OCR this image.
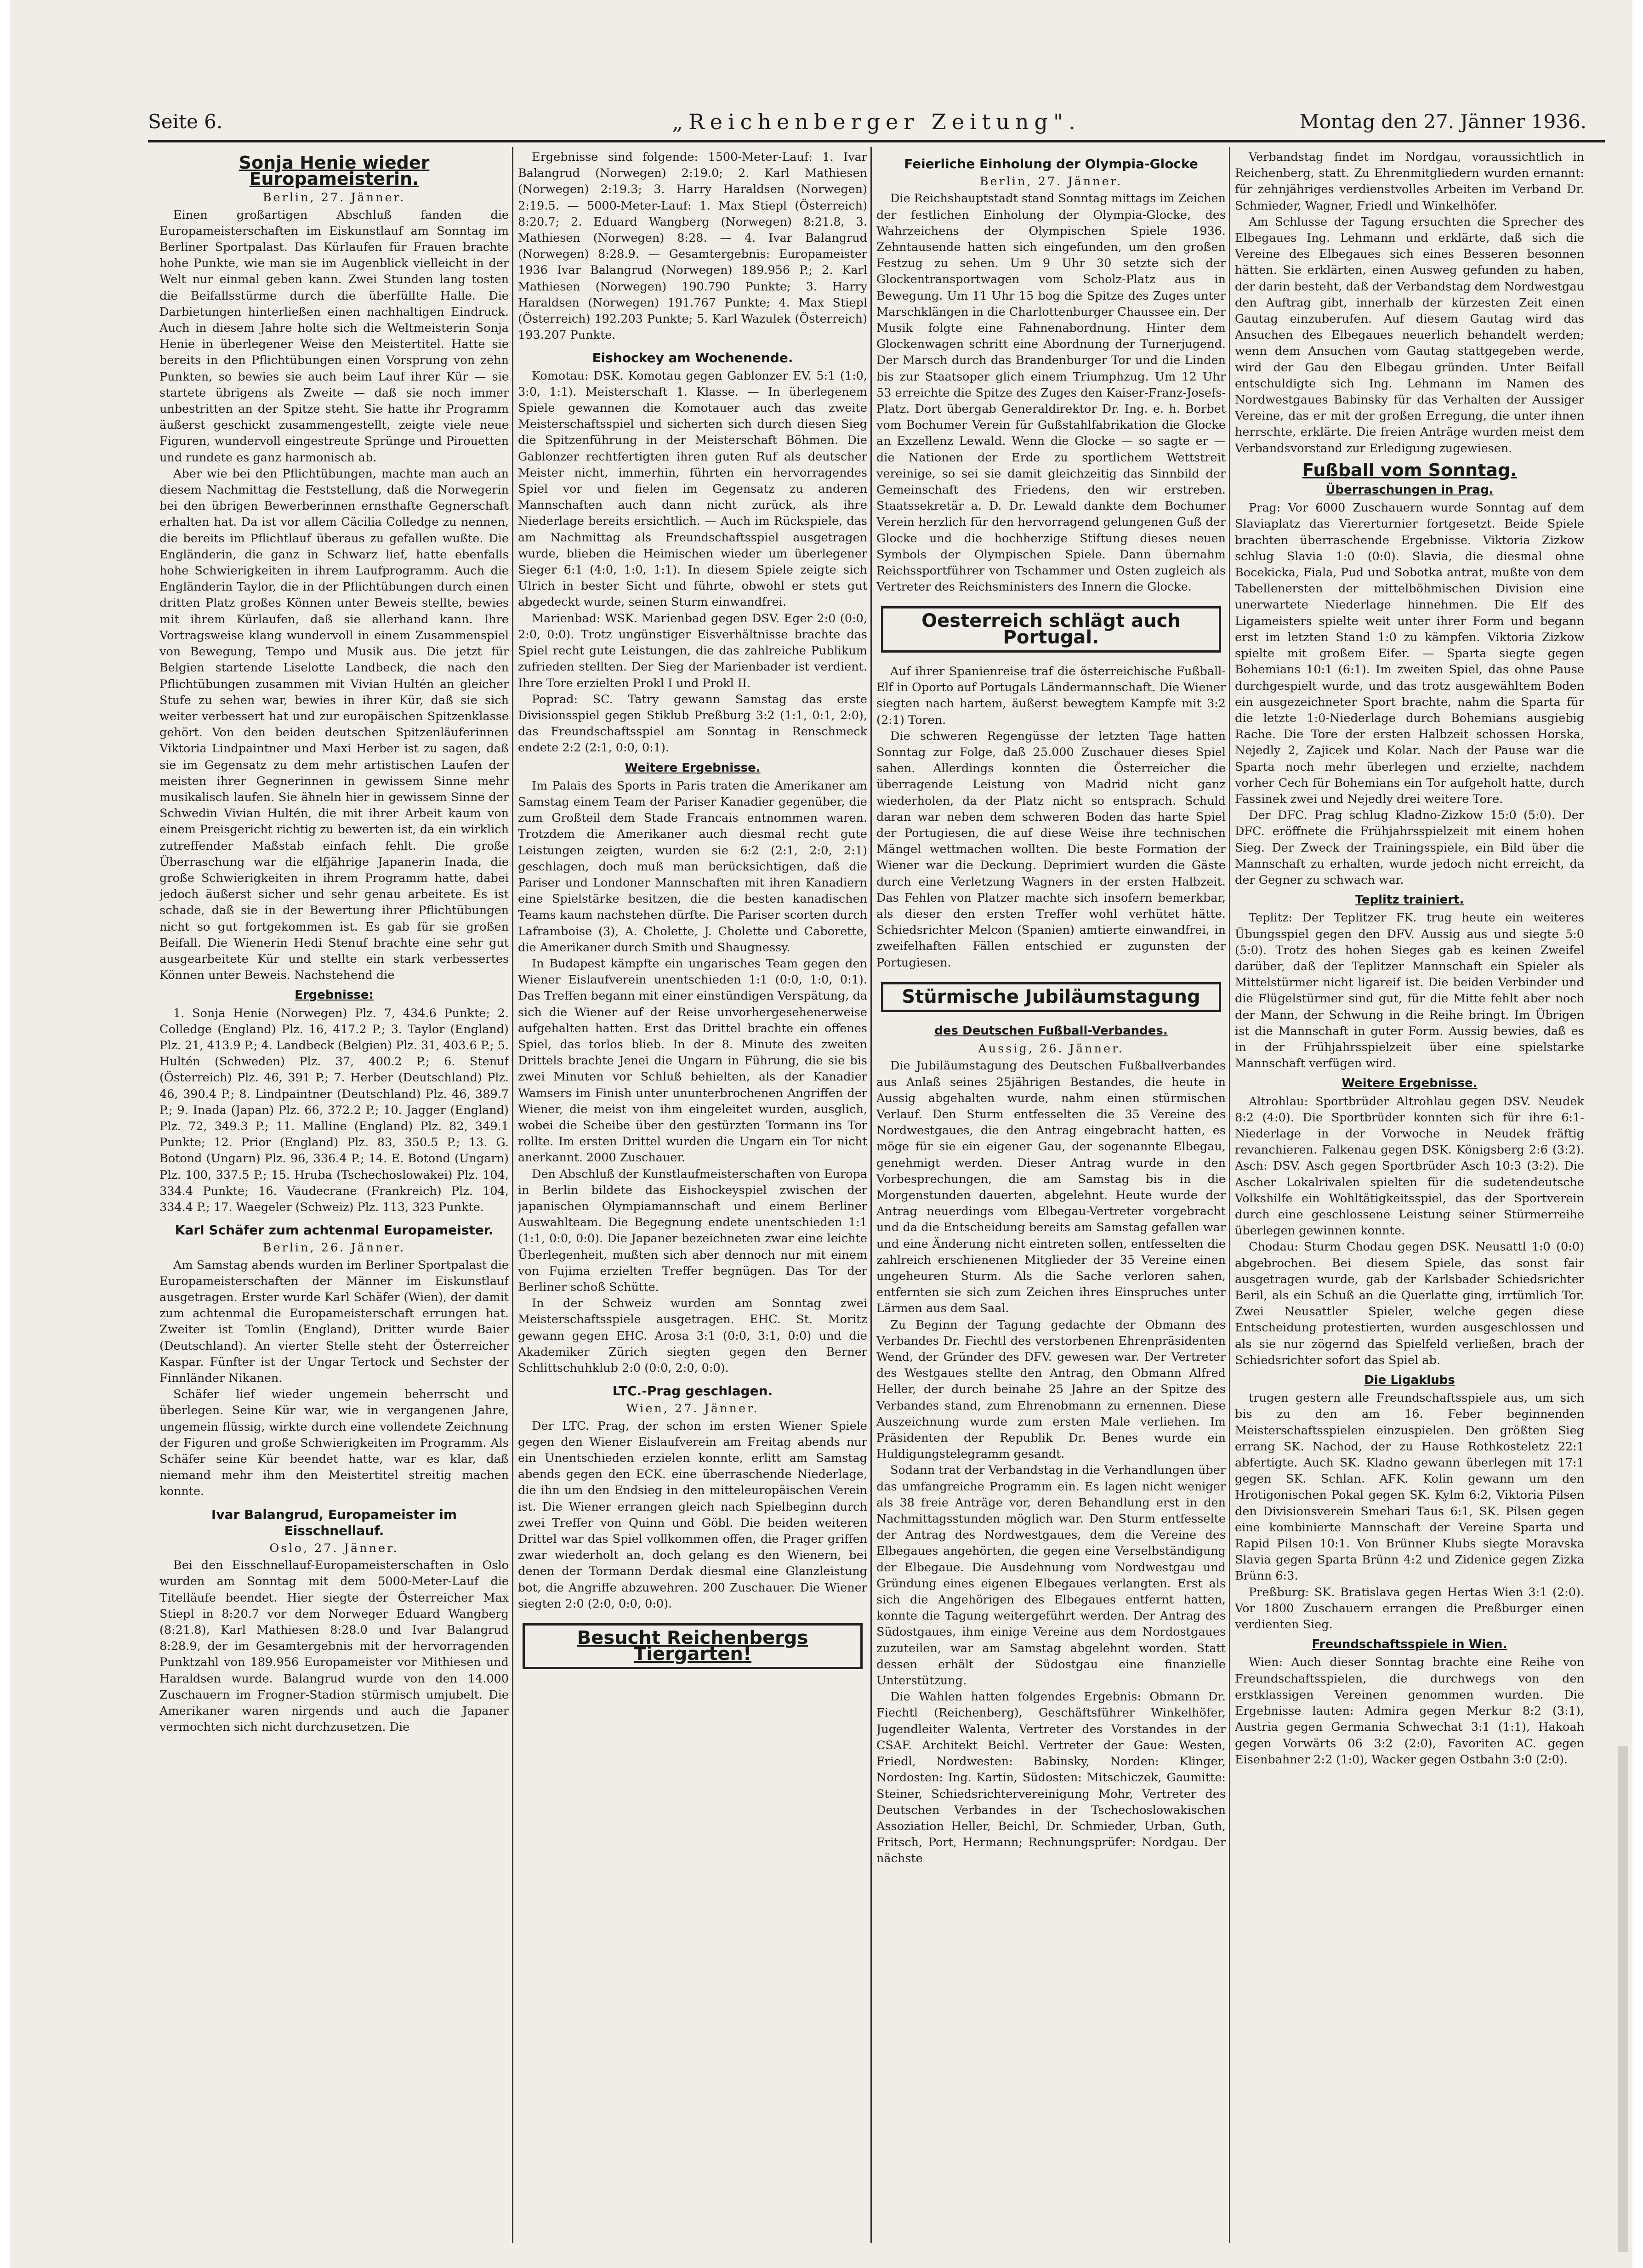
Seite 6.	„Reichenberger Zeitung".	Montag den 27. Jänner 1936.
Sonja Henie wieder Europameisterin.
Berlin, 27. Jänner.

Einen großartigen Abschluß fanden die Europameisterschaften im Eiskunstlauf am Sonntag im Berliner Sportpalast. Das Kürlaufen für Frauen brachte hohe Punkte, wie man sie im Augenblick vielleicht in der Welt nur einmal geben kann. Zwei Stunden lang tosten die Beifallsstürme durch die überfüllte Halle. Die Darbietungen hinterließen einen nachhaltigen Eindruck. Auch in diesem Jahre holte sich die Weltmeisterin Sonja Henie in überlegener Weise den Meistertitel. Hatte sie bereits in den Pflichtübungen einen Vorsprung von zehn Punkten, so bewies sie auch beim Lauf ihrer Kür — sie startete übrigens als Zweite — daß sie noch immer unbestritten an der Spitze steht. Sie hatte ihr Programm äußerst geschickt zusammengestellt, zeigte viele neue Figuren, wundervoll eingestreute Sprünge und Pirouetten und rundete es ganz harmonisch ab.

Aber wie bei den Pflichtübungen, machte man auch an diesem Nachmittag die Feststellung, daß die Norwegerin bei den übrigen Bewerberinnen ernsthafte Gegnerschaft erhalten hat. Da ist vor allem Cäcilia Colledge zu nennen, die bereits im Pflichtlauf überaus zu gefallen wußte. Die Engländerin, die ganz in Schwarz lief, hatte ebenfalls hohe Schwierigkeiten in ihrem Laufprogramm. Auch die Engländerin Taylor, die in der Pflichtübungen durch einen dritten Platz großes Können unter Beweis stellte, bewies mit ihrem Kürlaufen, daß sie allerhand kann. Ihre Vortragsweise klang wundervoll in einem Zusammenspiel von Bewegung, Tempo und Musik aus. Die jetzt für Belgien startende Liselotte Landbeck, die nach den Pflichtübungen zusammen mit Vivian Hultén an gleicher Stufe zu sehen war, bewies in ihrer Kür, daß sie sich weiter verbessert hat und zur europäischen Spitzenklasse gehört. Von den beiden deutschen Spitzenläuferinnen Viktoria Lindpaintner und Maxi Herber ist zu sagen, daß sie im Gegensatz zu dem mehr artistischen Laufen der meisten ihrer Gegnerinnen in gewissem Sinne mehr musikalisch laufen. Sie ähneln hier in gewissem Sinne der Schwedin Vivian Hultén, die mit ihrer Arbeit kaum von einem Preisgericht richtig zu bewerten ist, da ein wirklich zutreffender Maßstab einfach fehlt. Die große Überraschung war die elfjährige Japanerin Inada, die große Schwierigkeiten in ihrem Programm hatte, dabei jedoch äußerst sicher und sehr genau arbeitete. Es ist schade, daß sie in der Bewertung ihrer Pflichtübungen nicht so gut fortgekommen ist. Es gab für sie großen Beifall. Die Wienerin Hedi Stenuf brachte eine sehr gut ausgearbeitete Kür und stellte ein stark verbessertes Können unter Beweis. Nachstehend die

Ergebnisse:

1. Sonja Henie (Norwegen) Plz. 7, 434.6 Punkte; 2. Colledge (England) Plz. 16, 417.2 P.; 3. Taylor (England) Plz. 21, 413.9 P.; 4. Landbeck (Belgien) Plz. 31, 403.6 P.; 5. Hultén (Schweden) Plz. 37, 400.2 P.; 6. Stenuf (Österreich) Plz. 46, 391 P.; 7. Herber (Deutschland) Plz. 46, 390.4 P.; 8. Lindpaintner (Deutschland) Plz. 46, 389.7 P.; 9. Inada (Japan) Plz. 66, 372.2 P.; 10. Jagger (England) Plz. 72, 349.3 P.; 11. Malline (England) Plz. 82, 349.1 Punkte; 12. Prior (England) Plz. 83, 350.5 P.; 13. G. Botond (Ungarn) Plz. 96, 336.4 P.; 14. E. Botond (Ungarn) Plz. 100, 337.5 P.; 15. Hruba (Tschechoslowakei) Plz. 104, 334.4 Punkte; 16. Vaudecrane (Frankreich) Plz. 104, 334.4 P.; 17. Waegeler (Schweiz) Plz. 113, 323 Punkte.

Karl Schäfer zum achtenmal Europameister.
Berlin, 26. Jänner.

Am Samstag abends wurden im Berliner Sportpalast die Europameisterschaften der Männer im Eiskunstlauf ausgetragen. Erster wurde Karl Schäfer (Wien), der damit zum achtenmal die Europameisterschaft errungen hat. Zweiter ist Tomlin (England), Dritter wurde Baier (Deutschland). An vierter Stelle steht der Österreicher Kaspar. Fünfter ist der Ungar Tertock und Sechster der Finnländer Nikanen.

Schäfer lief wieder ungemein beherrscht und überlegen. Seine Kür war, wie in vergangenen Jahre, ungemein flüssig, wirkte durch eine vollendete Zeichnung der Figuren und große Schwierigkeiten im Programm. Als Schäfer seine Kür beendet hatte, war es klar, daß niemand mehr ihm den Meistertitel streitig machen konnte.

Ivar Balangrud, Europameister im Eisschnellauf.
Oslo, 27. Jänner.

Bei den Eisschnellauf-Europameisterschaften in Oslo wurden am Sonntag mit dem 5000-Meter-Lauf die Titelläufe beendet. Hier siegte der Österreicher Max Stiepl in 8:20.7 vor dem Norweger Eduard Wangberg (8:21.8), Karl Mathiesen 8:28.0 und Ivar Balangrud 8:28.9, der im Gesamtergebnis mit der hervorragenden Punktzahl von 189.956 Europameister vor Mithiesen und Haraldsen wurde. Balangrud wurde von den 14.000 Zuschauern im Frogner-Stadion stürmisch umjubelt. Die Amerikaner waren nirgends und auch die Japaner vermochten sich nicht durchzusetzen. Die

Ergebnisse sind folgende: 1500-Meter-Lauf: 1. Ivar Balangrud (Norwegen) 2:19.0; 2. Karl Mathiesen (Norwegen) 2:19.3; 3. Harry Haraldsen (Norwegen) 2:19.5. — 5000-Meter-Lauf: 1. Max Stiepl (Österreich) 8:20.7; 2. Eduard Wangberg (Norwegen) 8:21.8, 3. Mathiesen (Norwegen) 8:28. — 4. Ivar Balangrud (Norwegen) 8:28.9. — Gesamtergebnis: Europameister 1936 Ivar Balangrud (Norwegen) 189.956 P.; 2. Karl Mathiesen (Norwegen) 190.790 Punkte; 3. Harry Haraldsen (Norwegen) 191.767 Punkte; 4. Max Stiepl (Österreich) 192.203 Punkte; 5. Karl Wazulek (Österreich) 193.207 Punkte.

Eishockey am Wochenende.

Komotau: DSK. Komotau gegen Gablonzer EV. 5:1 (1:0, 3:0, 1:1). Meisterschaft 1. Klasse. — In überlegenem Spiele gewannen die Komotauer auch das zweite Meisterschaftsspiel und sicherten sich durch diesen Sieg die Spitzenführung in der Meisterschaft Böhmen. Die Gablonzer rechtfertigten ihren guten Ruf als deutscher Meister nicht, immerhin, führten ein hervorragendes Spiel vor und fielen im Gegensatz zu anderen Mannschaften auch dann nicht zurück, als ihre Niederlage bereits ersichtlich. — Auch im Rückspiele, das am Nachmittag als Freundschaftsspiel ausgetragen wurde, blieben die Heimischen wieder um überlegener Sieger 6:1 (4:0, 1:0, 1:1). In diesem Spiele zeigte sich Ulrich in bester Sicht und führte, obwohl er stets gut abgedeckt wurde, seinen Sturm einwandfrei.

Marienbad: WSK. Marienbad gegen DSV. Eger 2:0 (0:0, 2:0, 0:0). Trotz ungünstiger Eisverhältnisse brachte das Spiel recht gute Leistungen, die das zahlreiche Publikum zufrieden stellten. Der Sieg der Marienbader ist verdient. Ihre Tore erzielten Prokl I und Prokl II.

Poprad: SC. Tatry gewann Samstag das erste Divisionsspiel gegen Stiklub Preßburg 3:2 (1:1, 0:1, 2:0), das Freundschaftsspiel am Sonntag in Renschmeck endete 2:2 (2:1, 0:0, 0:1).

Weitere Ergebnisse.

Im Palais des Sports in Paris traten die Amerikaner am Samstag einem Team der Pariser Kanadier gegenüber, die zum Großteil dem Stade Francais entnommen waren. Trotzdem die Amerikaner auch diesmal recht gute Leistungen zeigten, wurden sie 6:2 (2:1, 2:0, 2:1) geschlagen, doch muß man berücksichtigen, daß die Pariser und Londoner Mannschaften mit ihren Kanadiern eine Spielstärke besitzen, die die besten kanadischen Teams kaum nachstehen dürfte. Die Pariser scorten durch Laframboise (3), A. Cholette, J. Cholette und Caborette, die Amerikaner durch Smith und Shaugnessy.

In Budapest kämpfte ein ungarisches Team gegen den Wiener Eislaufverein unentschieden 1:1 (0:0, 1:0, 0:1). Das Treffen begann mit einer einstündigen Verspätung, da sich die Wiener auf der Reise unvorhergesehenerweise aufgehalten hatten. Erst das Drittel brachte ein offenes Spiel, das torlos blieb. In der 8. Minute des zweiten Drittels brachte Jenei die Ungarn in Führung, die sie bis zwei Minuten vor Schluß behielten, als der Kanadier Wamsers im Finish unter ununterbrochenen Angriffen der Wiener, die meist von ihm eingeleitet wurden, ausglich, wobei die Scheibe über den gestürzten Tormann ins Tor rollte. Im ersten Drittel wurden die Ungarn ein Tor nicht anerkannt. 2000 Zuschauer.

Den Abschluß der Kunstlaufmeisterschaften von Europa in Berlin bildete das Eishockeyspiel zwischen der japanischen Olympiamannschaft und einem Berliner Auswahlteam. Die Begegnung endete unentschieden 1:1 (1:1, 0:0, 0:0). Die Japaner bezeichneten zwar eine leichte Überlegenheit, mußten sich aber dennoch nur mit einem von Fujima erzielten Treffer begnügen. Das Tor der Berliner schoß Schütte.

In der Schweiz wurden am Sonntag zwei Meisterschaftsspiele ausgetragen. EHC. St. Moritz gewann gegen EHC. Arosa 3:1 (0:0, 3:1, 0:0) und die Akademiker Zürich siegten gegen den Berner Schlittschuhklub 2:0 (0:0, 2:0, 0:0).

LTC.-Prag geschlagen.
Wien, 27. Jänner.

Der LTC. Prag, der schon im ersten Wiener Spiele gegen den Wiener Eislaufverein am Freitag abends nur ein Unentschieden erzielen konnte, erlitt am Samstag abends gegen den ECK. eine überraschende Niederlage, die ihn um den Endsieg in den mitteleuropäischen Verein ist. Die Wiener errangen gleich nach Spielbeginn durch zwei Treffer von Quinn und Göbl. Die beiden weiteren Drittel war das Spiel vollkommen offen, die Prager griffen zwar wiederholt an, doch gelang es den Wienern, bei denen der Tormann Derdak diesmal eine Glanzleistung bot, die Angriffe abzuwehren. 200 Zuschauer. Die Wiener siegten 2:0 (2:0, 0:0, 0:0).

Besucht Reichenbergs Tiergarten!
Feierliche Einholung der Olympia-Glocke
Berlin, 27. Jänner.

Die Reichshauptstadt stand Sonntag mittags im Zeichen der festlichen Einholung der Olympia-Glocke, des Wahrzeichens der Olympischen Spiele 1936. Zehntausende hatten sich eingefunden, um den großen Festzug zu sehen. Um 9 Uhr 30 setzte sich der Glockentransportwagen vom Scholz-Platz aus in Bewegung. Um 11 Uhr 15 bog die Spitze des Zuges unter Marschklängen in die Charlottenburger Chaussee ein. Der Musik folgte eine Fahnenabordnung. Hinter dem Glockenwagen schritt eine Abordnung der Turnerjugend. Der Marsch durch das Brandenburger Tor und die Linden bis zur Staatsoper glich einem Triumphzug. Um 12 Uhr 53 erreichte die Spitze des Zuges den Kaiser-Franz-Josefs-Platz. Dort übergab Generaldirektor Dr. Ing. e. h. Borbet vom Bochumer Verein für Gußstahlfabrikation die Glocke an Exzellenz Lewald. Wenn die Glocke — so sagte er — die Nationen der Erde zu sportlichem Wettstreit vereinige, so sei sie damit gleichzeitig das Sinnbild der Gemeinschaft des Friedens, den wir erstreben. Staatssekretär a. D. Dr. Lewald dankte dem Bochumer Verein herzlich für den hervorragend gelungenen Guß der Glocke und die hochherzige Stiftung dieses neuen Symbols der Olympischen Spiele. Dann übernahm Reichssportführer von Tschammer und Osten zugleich als Vertreter des Reichsministers des Innern die Glocke.

Oesterreich schlägt auch Portugal.

Auf ihrer Spanienreise traf die österreichische Fußball-Elf in Oporto auf Portugals Ländermannschaft. Die Wiener siegten nach hartem, äußerst bewegtem Kampfe mit 3:2 (2:1) Toren.

Die schweren Regengüsse der letzten Tage hatten Sonntag zur Folge, daß 25.000 Zuschauer dieses Spiel sahen. Allerdings konnten die Österreicher die überragende Leistung von Madrid nicht ganz wiederholen, da der Platz nicht so entsprach. Schuld daran war neben dem schweren Boden das harte Spiel der Portugiesen, die auf diese Weise ihre technischen Mängel wettmachen wollten. Die beste Formation der Wiener war die Deckung. Deprimiert wurden die Gäste durch eine Verletzung Wagners in der ersten Halbzeit. Das Fehlen von Platzer machte sich insofern bemerkbar, als dieser den ersten Treffer wohl verhütet hätte. Schiedsrichter Melcon (Spanien) amtierte einwandfrei, in zweifelhaften Fällen entschied er zugunsten der Portugiesen.

Stürmische Jubiläumstagung
des Deutschen Fußball-Verbandes.
Aussig, 26. Jänner.

Die Jubiläumstagung des Deutschen Fußballverbandes aus Anlaß seines 25jährigen Bestandes, die heute in Aussig abgehalten wurde, nahm einen stürmischen Verlauf. Den Sturm entfesselten die 35 Vereine des Nordwestgaues, die den Antrag eingebracht hatten, es möge für sie ein eigener Gau, der sogenannte Elbegau, genehmigt werden. Dieser Antrag wurde in den Vorbesprechungen, die am Samstag bis in die Morgenstunden dauerten, abgelehnt. Heute wurde der Antrag neuerdings vom Elbegau-Vertreter vorgebracht und da die Entscheidung bereits am Samstag gefallen war und eine Änderung nicht eintreten sollen, entfesselten die zahlreich erschienenen Mitglieder der 35 Vereine einen ungeheuren Sturm. Als die Sache verloren sahen, entfernten sie sich zum Zeichen ihres Einspruches unter Lärmen aus dem Saal.

Zu Beginn der Tagung gedachte der Obmann des Verbandes Dr. Fiechtl des verstorbenen Ehrenpräsidenten Wend, der Gründer des DFV. gewesen war. Der Vertreter des Westgaues stellte den Antrag, den Obmann Alfred Heller, der durch beinahe 25 Jahre an der Spitze des Verbandes stand, zum Ehrenobmann zu ernennen. Diese Auszeichnung wurde zum ersten Male verliehen. Im Präsidenten der Republik Dr. Benes wurde ein Huldigungstelegramm gesandt.

Sodann trat der Verbandstag in die Verhandlungen über das umfangreiche Programm ein. Es lagen nicht weniger als 38 freie Anträge vor, deren Behandlung erst in den Nachmittagsstunden möglich war. Den Sturm entfesselte der Antrag des Nordwestgaues, dem die Vereine des Elbegaues angehörten, die gegen eine Verselbständigung der Elbegaue. Die Ausdehnung vom Nordwestgau und Gründung eines eigenen Elbegaues verlangten. Erst als sich die Angehörigen des Elbegaues entfernt hatten, konnte die Tagung weitergeführt werden. Der Antrag des Südostgaues, ihm einige Vereine aus dem Nordostgaues zuzuteilen, war am Samstag abgelehnt worden. Statt dessen erhält der Südostgau eine finanzielle Unterstützung.

Die Wahlen hatten folgendes Ergebnis: Obmann Dr. Fiechtl (Reichenberg), Geschäftsführer Winkelhöfer, Jugendleiter Walenta, Vertreter des Vorstandes in der CSAF. Architekt Beichl. Vertreter der Gaue: Westen, Friedl, Nordwesten: Babinsky, Norden: Klinger, Nordosten: Ing. Kartin, Südosten: Mitschiczek, Gaumitte: Steiner, Schiedsrichtervereinigung Mohr, Vertreter des Deutschen Verbandes in der Tschechoslowakischen Assoziation Heller, Beichl, Dr. Schmieder, Urban, Guth, Fritsch, Port, Hermann; Rechnungsprüfer: Nordgau. Der nächste

Verbandstag findet im Nordgau, voraussichtlich in Reichenberg, statt. Zu Ehrenmitgliedern wurden ernannt: für zehnjähriges verdienstvolles Arbeiten im Verband Dr. Schmieder, Wagner, Friedl und Winkelhöfer.

Am Schlusse der Tagung ersuchten die Sprecher des Elbegaues Ing. Lehmann und erklärte, daß sich die Vereine des Elbegaues sich eines Besseren besonnen hätten. Sie erklärten, einen Ausweg gefunden zu haben, der darin besteht, daß der Verbandstag dem Nordwestgau den Auftrag gibt, innerhalb der kürzesten Zeit einen Gautag einzuberufen. Auf diesem Gautag wird das Ansuchen des Elbegaues neuerlich behandelt werden; wenn dem Ansuchen vom Gautag stattgegeben werde, wird der Gau den Elbegau gründen. Unter Beifall entschuldigte sich Ing. Lehmann im Namen des Nordwestgaues Babinsky für das Verhalten der Aussiger Vereine, das er mit der großen Erregung, die unter ihnen herrschte, erklärte. Die freien Anträge wurden meist dem Verbandsvorstand zur Erledigung zugewiesen.

Fußball vom Sonntag.
Überraschungen in Prag.

Prag: Vor 6000 Zuschauern wurde Sonntag auf dem Slaviaplatz das Viererturnier fortgesetzt. Beide Spiele brachten überraschende Ergebnisse. Viktoria Zizkow schlug Slavia 1:0 (0:0). Slavia, die diesmal ohne Bocekicka, Fiala, Pud und Sobotka antrat, mußte von dem Tabellenersten der mittelböhmischen Division eine unerwartete Niederlage hinnehmen. Die Elf des Ligameisters spielte weit unter ihrer Form und begann erst im letzten Stand 1:0 zu kämpfen. Viktoria Zizkow spielte mit großem Eifer. — Sparta siegte gegen Bohemians 10:1 (6:1). Im zweiten Spiel, das ohne Pause durchgespielt wurde, und das trotz ausgewähltem Boden ein ausgezeichneter Sport brachte, nahm die Sparta für die letzte 1:0-Niederlage durch Bohemians ausgiebig Rache. Die Tore der ersten Halbzeit schossen Horska, Nejedly 2, Zajicek und Kolar. Nach der Pause war die Sparta noch mehr überlegen und erzielte, nachdem vorher Cech für Bohemians ein Tor aufgeholt hatte, durch Fassinek zwei und Nejedly drei weitere Tore.

Der DFC. Prag schlug Kladno-Zizkow 15:0 (5:0). Der DFC. eröffnete die Frühjahrsspielzeit mit einem hohen Sieg. Der Zweck der Trainingsspiele, ein Bild über die Mannschaft zu erhalten, wurde jedoch nicht erreicht, da der Gegner zu schwach war.

Teplitz trainiert.

Teplitz: Der Teplitzer FK. trug heute ein weiteres Übungsspiel gegen den DFV. Aussig aus und siegte 5:0 (5:0). Trotz des hohen Sieges gab es keinen Zweifel darüber, daß der Teplitzer Mannschaft ein Spieler als Mittelstürmer nicht ligareif ist. Die beiden Verbinder und die Flügelstürmer sind gut, für die Mitte fehlt aber noch der Mann, der Schwung in die Reihe bringt. Im Übrigen ist die Mannschaft in guter Form. Aussig bewies, daß es in der Frühjahrsspielzeit über eine spielstarke Mannschaft verfügen wird.

Weitere Ergebnisse.

Altrohlau: Sportbrüder Altrohlau gegen DSV. Neudek 8:2 (4:0). Die Sportbrüder konnten sich für ihre 6:1-Niederlage in der Vorwoche in Neudek fräftig revanchieren. Falkenau gegen DSK. Königsberg 2:6 (3:2). Asch: DSV. Asch gegen Sportbrüder Asch 10:3 (3:2). Die Ascher Lokalrivalen spielten für die sudetendeutsche Volkshilfe ein Wohltätigkeitsspiel, das der Sportverein durch eine geschlossene Leistung seiner Stürmerreihe überlegen gewinnen konnte.

Chodau: Sturm Chodau gegen DSK. Neusattl 1:0 (0:0) abgebrochen. Bei diesem Spiele, das sonst fair ausgetragen wurde, gab der Karlsbader Schiedsrichter Beril, als ein Schuß an die Querlatte ging, irrtümlich Tor. Zwei Neusattler Spieler, welche gegen diese Entscheidung protestierten, wurden ausgeschlossen und als sie nur zögernd das Spielfeld verließen, brach der Schiedsrichter sofort das Spiel ab.

Die Ligaklubs

trugen gestern alle Freundschaftsspiele aus, um sich bis zu den am 16. Feber beginnenden Meisterschaftsspielen einzuspielen. Den größten Sieg errang SK. Nachod, der zu Hause Rothkosteletz 22:1 abfertigte. Auch SK. Kladno gewann überlegen mit 17:1 gegen SK. Schlan. AFK. Kolin gewann um den Hrotigonischen Pokal gegen SK. Kylm 6:2, Viktoria Pilsen den Divisionsverein Smehari Taus 6:1, SK. Pilsen gegen eine kombinierte Mannschaft der Vereine Sparta und Rapid Pilsen 10:1. Von Brünner Klubs siegte Moravska Slavia gegen Sparta Brünn 4:2 und Zidenice gegen Zizka Brünn 6:3.

Preßburg: SK. Bratislava gegen Hertas Wien 3:1 (2:0). Vor 1800 Zuschauern errangen die Preßburger einen verdienten Sieg.

Freundschaftsspiele in Wien.

Wien: Auch dieser Sonntag brachte eine Reihe von Freundschaftsspielen, die durchwegs von den erstklassigen Vereinen genommen wurden. Die Ergebnisse lauten: Admira gegen Merkur 8:2 (3:1), Austria gegen Germania Schwechat 3:1 (1:1), Hakoah gegen Vorwärts 06 3:2 (2:0), Favoriten AC. gegen Eisenbahner 2:2 (1:0), Wacker gegen Ostbahn 3:0 (2:0).
